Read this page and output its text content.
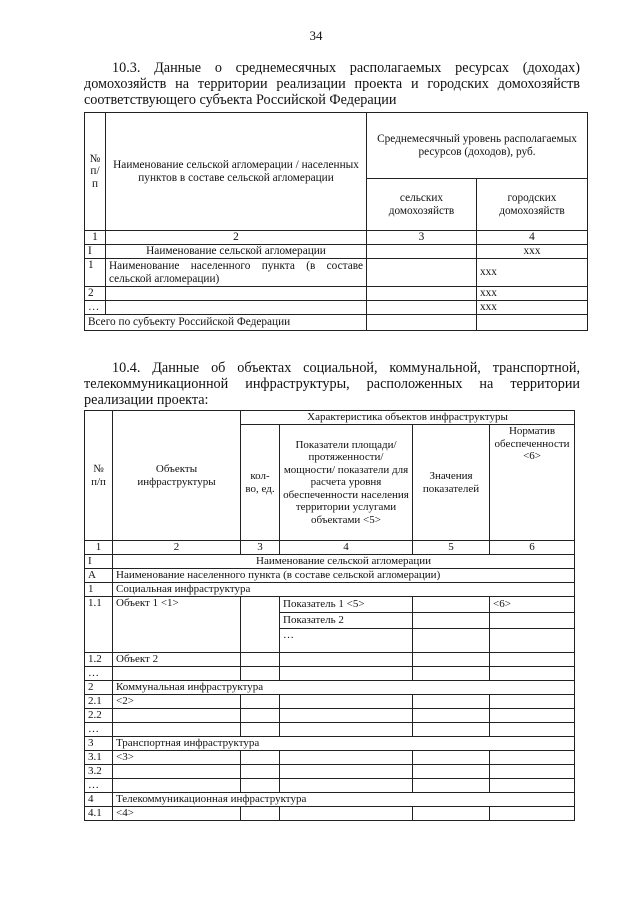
34
10.3. Данные о среднемесячных располагаемых ресурсах (доходах) домохозяйств на территории реализации проекта и городских домохозяйств соответствующего субъекта Российской Федерации
№ п/п	Наименование сельской агломерации / населенных пунктов в составе сельской агломерации	Среднемесячный уровень располагаемых ресурсов (доходов), руб.	
		сельских домохозяйств	городских домохозяйств
1	2	3	4
I	Наименование сельской агломерации		xxx
1	Наименование населенного пункта (в составе сельской агломерации)		xxx
2			xxx
…			xxx
Всего по субъекту Российской Федерации			
10.4. Данные об объектах социальной, коммунальной, транспортной, телекоммуникационной инфраструктуры, расположенных на территории реализации проекта:
№ п/п	Объекты инфраструктуры	Характеристика объектов инфраструктуры			
		кол-во, ед.	Показатели площади/ протяженности/ мощности/ показатели для расчета уровня обеспеченности населения территории услугами объектами <5>	Значения показателей	Норматив обеспеченности <6>
1	2	3	4	5	6
I	Наименование сельской агломерации				
A	Наименование населенного пункта (в составе сельской агломерации)				
1	Социальная инфраструктура				
1.1	Объект 1 <1>		Показатель 1 <5>		<6>
			Показатель 2		
			…		
1.2	Объект 2				
…					
2	Коммунальная инфраструктура				
2.1	<2>				
2.2					
…					
3	Транспортная инфраструктура				
3.1	<3>				
3.2					
…					
4	Телекоммуникационная инфраструктура				
4.1	<4>				
